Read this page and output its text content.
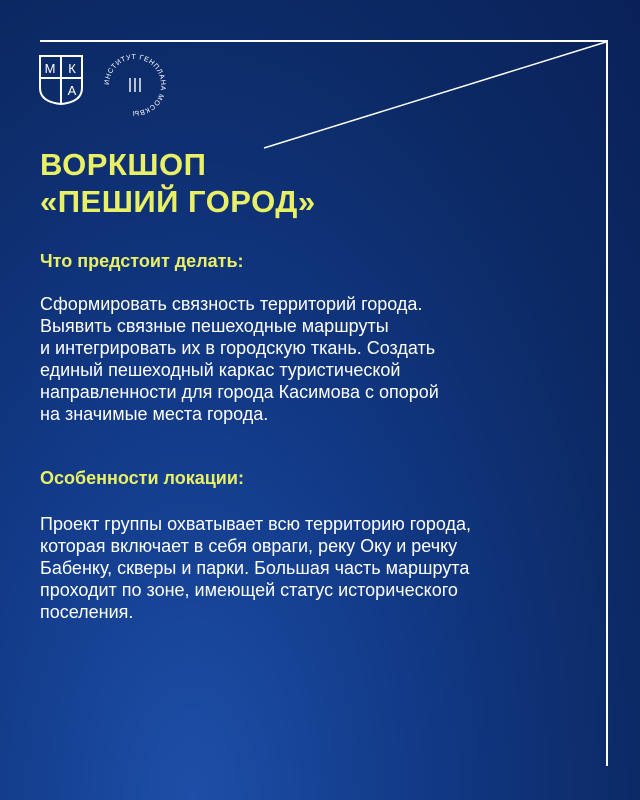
М К
А
ИНСТИТУТ ГЕНПЛАНА МОСКВЫ
ВОРКШОП
«ПЕШИЙ ГОРОД»
Что предстоит делать:
Сформировать связность территорий города.
Выявить связные пешеходные маршруты
и интегрировать их в городскую ткань. Создать
единый пешеходный каркас туристической
направленности для города Касимова с опорой
на значимые места города.
Особенности локации:
Проект группы охватывает всю территорию города,
которая включает в себя овраги, реку Оку и речку
Бабенку, скверы и парки. Большая часть маршрута
проходит по зоне, имеющей статус исторического
поселения.
